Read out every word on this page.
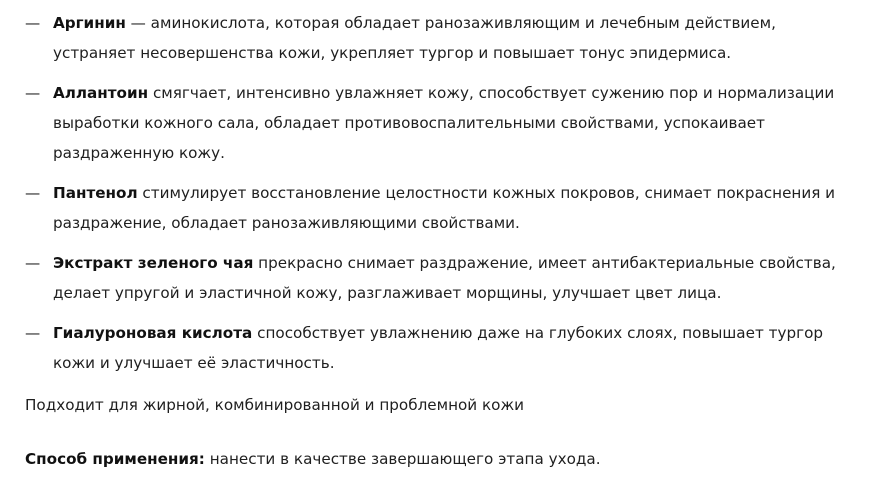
— Аргинин — аминокислота, которая обладает ранозаживляющим и лечебным действием, устраняет несовершенства кожи, укрепляет тургор и повышает тонус эпидермиса.
— Аллантоин смягчает, интенсивно увлажняет кожу, способствует сужению пор и нормализации выработки кожного сала, обладает противовоспалительными свойствами, успокаивает раздраженную кожу.
— Пантенол стимулирует восстановление целостности кожных покровов, снимает покраснения и раздражение, обладает ранозаживляющими свойствами.
— Экстракт зеленого чая прекрасно снимает раздражение, имеет антибактериальные свойства, делает упругой и эластичной кожу, разглаживает морщины, улучшает цвет лица.
— Гиалуроновая кислота способствует увлажнению даже на глубоких слоях, повышает тургор кожи и улучшает её эластичность.

Подходит для жирной, комбинированной и проблемной кожи

Способ применения: нанести в качестве завершающего этапа ухода.
